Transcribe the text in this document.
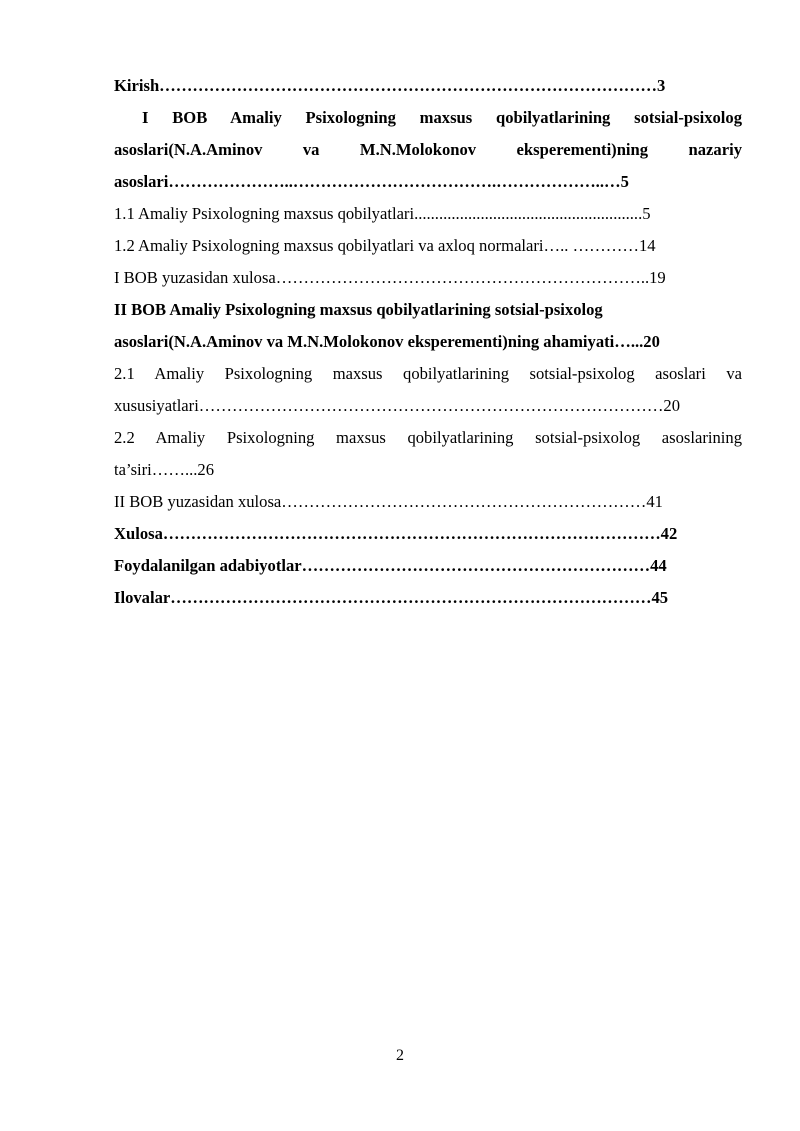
Kirish………………………………………………………………………………3
I BOB Amaliy Psixologning maxsus qobilyatlarining sotsial-psixolog
asoslari(N.A.Aminov va M.N.Molokonov eksperementi)ning nazariy
asoslari…………………..……………………………….………………..…5
1.1 Amaliy Psixologning maxsus qobilyatlari.......................................................5
1.2 Amaliy Psixologning maxsus qobilyatlari va axloq normalari….. …………14
I BOB yuzasidan xulosa…………………………………………………………..19
II BOB Amaliy Psixologning maxsus qobilyatlarining sotsial-psixolog
asoslari(N.A.Aminov va M.N.Molokonov eksperementi)ning ahamiyati…...20
2.1 Amaliy Psixologning maxsus qobilyatlarining sotsial-psixolog asoslari va
xususiyatlari…………………………………………………………………………20
2.2 Amaliy Psixologning maxsus qobilyatlarining sotsial-psixolog asoslarining
ta’siri……...26
II BOB yuzasidan xulosa…………………………………………………………41
Xulosa………………………………………………………………………………42
Foydalanilgan adabiyotlar………………………………………………………44
Ilovalar……………………………………………………………………………45
2
